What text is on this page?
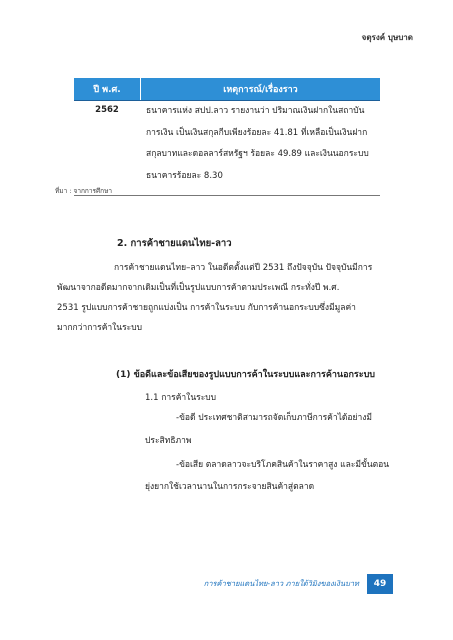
จตุรงค์ บุษบาด
ปี พ.ศ.	เหตุการณ์/เรื่องราว
2562	ธนาคารแห่ง สปป.ลาว รายงานว่า ปริมาณเงินฝากในสถาบัน
การเงิน เป็นเงินสกุลกีบเพียงร้อยละ 41.81 ที่เหลือเป็นเงินฝาก
สกุลบาทและดอลลาร์สหรัฐฯ ร้อยละ 49.89 และเงินนอกระบบ
ธนาคารร้อยละ 8.30
ที่มา : จากการศึกษา
2. การค้าชายแดนไทย-ลาว
การค้าชายแดนไทย–ลาว ในอดีตตั้งแต่ปี 2531 ถึงปัจจุบัน ปัจจุบันมีการ
พัฒนาจากอดีตมากจากเดิมเป็นที่เป็นรูปแบบการค้าตามประเพณี กระทั่งปี พ.ศ.
2531 รูปแบบการค้าชายถูกแบ่งเป็น การค้าในระบบ กับการค้านอกระบบซึ่งมีมูลค่า
มากกว่าการค้าในระบบ
(1) ข้อดีและข้อเสียของรูปแบบการค้าในระบบและการค้านอกระบบ
1.1 การค้าในระบบ
-ข้อดี ประเทศชาติสามารถจัดเก็บภาษีการค้าได้อย่างมี
ประสิทธิภาพ
-ข้อเสีย ตลาดลาวจะบริโภคสินค้าในราคาสูง และมีขั้นตอน
ยุ่งยากใช้เวลานานในการกระจายสินค้าสู่ตลาด
การค้าชายแดนไทย-ลาว ภายใต้วิมิงของเงินบาท	49
